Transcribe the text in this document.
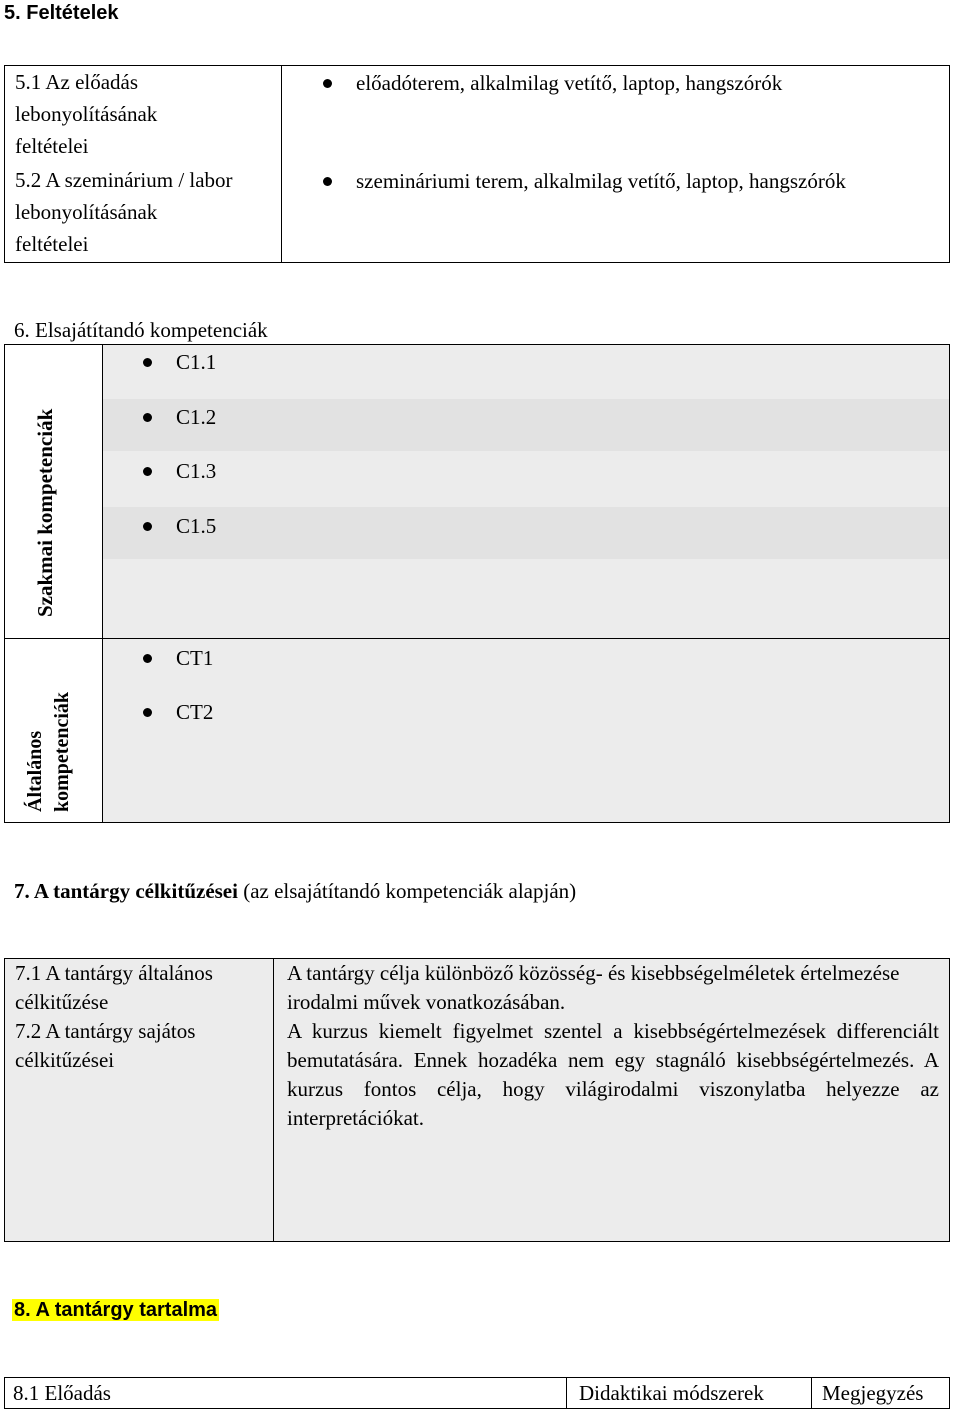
5. Feltételek
5.1 Az előadás
lebonyolításának
feltételei
5.2 A szeminárium / labor
lebonyolításának
feltételei
előadóterem, alkalmilag vetítő, laptop, hangszórók
szemináriumi terem, alkalmilag vetítő, laptop, hangszórók
6. Elsajátítandó kompetenciák
Szakmai kompetenciák
Általános kompetenciák
C1.1
C1.2
C1.3
C1.5
CT1
CT2
7. A tantárgy célkitűzései (az elsajátítandó kompetenciák alapján)
7.1 A tantárgy általános
célkitűzése
7.2 A tantárgy sajátos
célkitűzései
A tantárgy célja különböző közösség- és kisebbségelméletek értelmezése irodalmi művek vonatkozásában.
A kurzus kiemelt figyelmet szentel a kisebbségértelmezések differenciált bemutatására. Ennek hozadéka nem egy stagnáló kisebbségértelmezés. A kurzus fontos célja, hogy világirodalmi viszonylatba helyezze az interpretációkat.
8. A tantárgy tartalma
8.1 Előadás	Didaktikai módszerek	Megjegyzés
